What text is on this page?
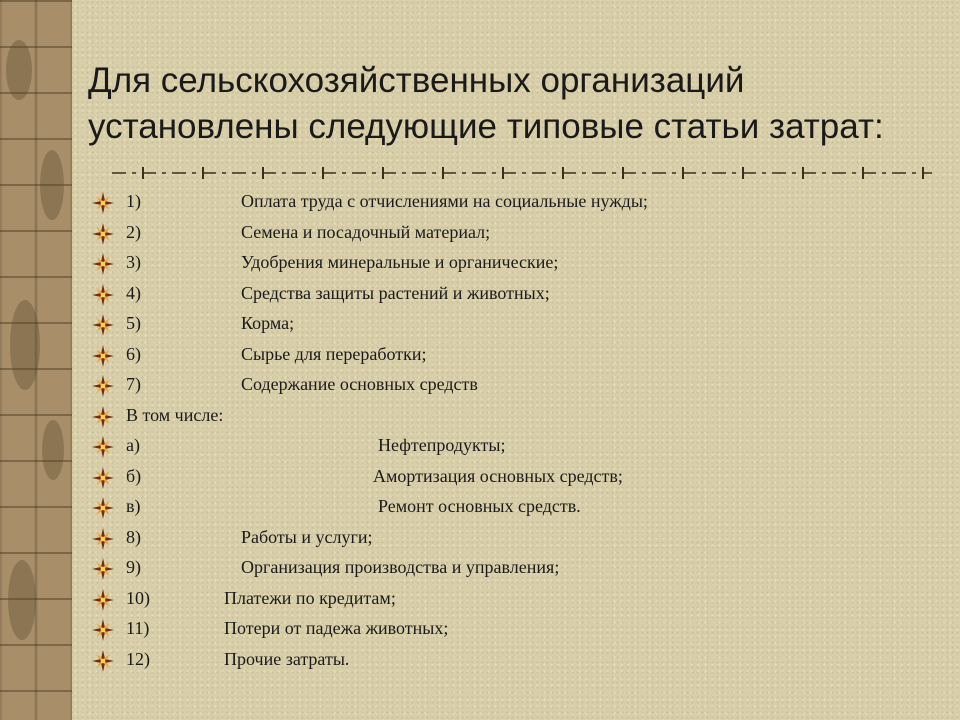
Для сельскохозяйственных организаций установлены следующие типовые статьи затрат:
1)	Оплата труда с отчислениями на социальные нужды;
2)	Семена и посадочный материал;
3)	Удобрения минеральные и органические;
4)	Средства защиты растений и животных;
5)	Корма;
6)	Сырье для переработки;
7)	Содержание основных средств
В том числе:
а)	Нефтепродукты;
б)	Амортизация основных средств;
в)	Ремонт основных средств.
8)	Работы и услуги;
9)	Организация производства и управления;
10)	Платежи по кредитам;
11)	Потери от падежа животных;
12)	Прочие затраты.
